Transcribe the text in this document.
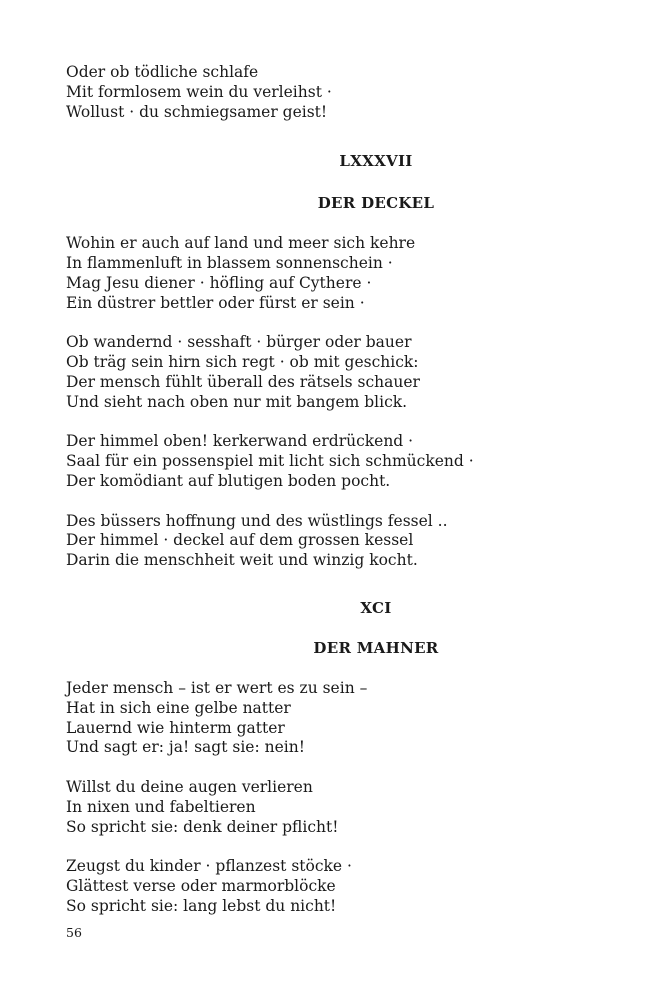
Oder ob tödliche schlafe
Mit formlosem wein du verleihst ·
Wollust · du schmiegsamer geist!
LXXXVII
DER DECKEL
Wohin er auch auf land und meer sich kehre
In flammenluft in blassem sonnenschein ·
Mag Jesu diener · höfling auf Cythere ·
Ein düstrer bettler oder fürst er sein ·
Ob wandernd · sesshaft · bürger oder bauer
Ob träg sein hirn sich regt · ob mit geschick:
Der mensch fühlt überall des rätsels schauer
Und sieht nach oben nur mit bangem blick.
Der himmel oben! kerkerwand erdrückend ·
Saal für ein possenspiel mit licht sich schmückend ·
Der komödiant auf blutigen boden pocht.
Des büssers hoffnung und des wüstlings fessel ..
Der himmel · deckel auf dem grossen kessel
Darin die menschheit weit und winzig kocht.
XCI
DER MAHNER
Jeder mensch – ist er wert es zu sein –
Hat in sich eine gelbe natter
Lauernd wie hinterm gatter
Und sagt er: ja! sagt sie: nein!
Willst du deine augen verlieren
In nixen und fabeltieren
So spricht sie: denk deiner pflicht!
Zeugst du kinder · pflanzest stöcke ·
Glättest verse oder marmorblöcke
So spricht sie: lang lebst du nicht!
56
